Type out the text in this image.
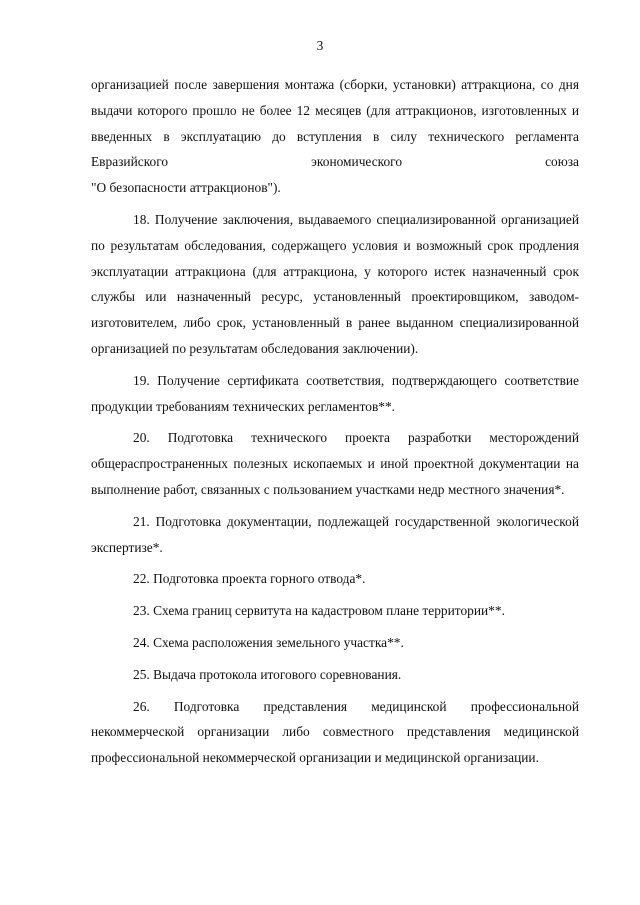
3

организацией после завершения монтажа (сборки, установки) аттракциона, со дня выдачи которого прошло не более 12 месяцев (для аттракционов, изготовленных и введенных в эксплуатацию до вступления в силу технического регламента Евразийского экономического союза

"О безопасности аттракционов").

18. Получение заключения, выдаваемого специализированной организацией по результатам обследования, содержащего условия и возможный срок продления эксплуатации аттракциона (для аттракциона, у которого истек назначенный срок службы или назначенный ресурс, установленный проектировщиком, заводом-изготовителем, либо срок, установленный в ранее выданном специализированной организацией по результатам обследования заключении).

19. Получение сертификата соответствия, подтверждающего соответствие продукции требованиям технических регламентов**.

20. Подготовка технического проекта разработки месторождений общераспространенных полезных ископаемых и иной проектной документации на выполнение работ, связанных с пользованием участками недр местного значения*.

21. Подготовка документации, подлежащей государственной экологической экспертизе*.

22. Подготовка проекта горного отвода*.

23. Схема границ сервитута на кадастровом плане территории**.

24. Схема расположения земельного участка**.

25. Выдача протокола итогового соревнования.

26. Подготовка представления медицинской профессиональной некоммерческой организации либо совместного представления медицинской профессиональной некоммерческой организации и медицинской организации.
